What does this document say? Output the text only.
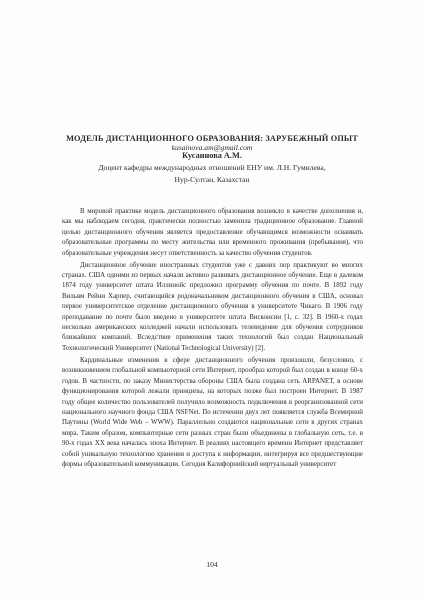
МОДЕЛЬ ДИСТАНЦИОННОГО ОБРАЗОВАНИЯ: ЗАРУБЕЖНЫЙ ОПЫТ
kusainova.am@gmail.com
Кусаинова А.М.
Доцент кафедры международных отношений ЕНУ им. Л.Н. Гумилева,
Нур-Султан, Казахстан

В мировой практике модель дистанционного образования возникло в качестве дополнения и, как мы наблюдаем сегодня, практически полностью заменила традиционное образование. Главной целью дистанционного обучения является предоставление обучающимся возможности осваивать образовательные программы по месту жительства или временного проживания (пребывания), что образовательные учреждения несут ответственность за качество обучения студентов.

Дистанционное обучение иностранных студентов уже с давних пор практикуют во многих странах. США одними из первых начали активно развивать дистанционное обучение. Еще в далеком 1874 году университет штата Иллинойс предложил программу обучения по почте. В 1892 году Вильям Рейни Харпер, считающийся родоначальником дистанционного обучения в США, основал первое университетское отделение дистанционного обучения в университете Чикаго. В 1906 году преподавание по почте было введено в университете штата Висконсин [1, с. 32]. В 1960-х годах несколько американских колледжей начали использовать телевидение для обучения сотрудников ближайших компаний. Вследствие применения таких технологий был создан Национальный Технологический Университет (National Technological University) [2].

Кардинальные изменения в сфере дистанционного обучения произошли, безусловно, с возникновением глобальной компьютерной сети Интернет, прообраз которой был создан в конце 60-х годов. В частности, по заказу Министерства обороны США была создана сеть ARPANET, в основе функционирования которой лежали принципы, на которых позже был построен Интернет. В 1987 году общее количество пользователей получило возможность подключения в реорганизованной сети национального научного фонда США NSFNet. По истечении двух лет появляется служба Всемирной Паутины (World Wide Web – WWW). Параллельно создаются национальные сети в других странах мира. Таким образом, компьютерные сети разных стран были объединены в глобальную сеть, т.е. в 90-х годах XX века началась эпоха Интернет. В реалиях настоящего времени Интернет представляет собой уникальную технологию хранения и доступа к информации, интегрируя все предшествующие формы образовательной коммуникации. Сегодня Калифорнийский виртуальный университет

104
